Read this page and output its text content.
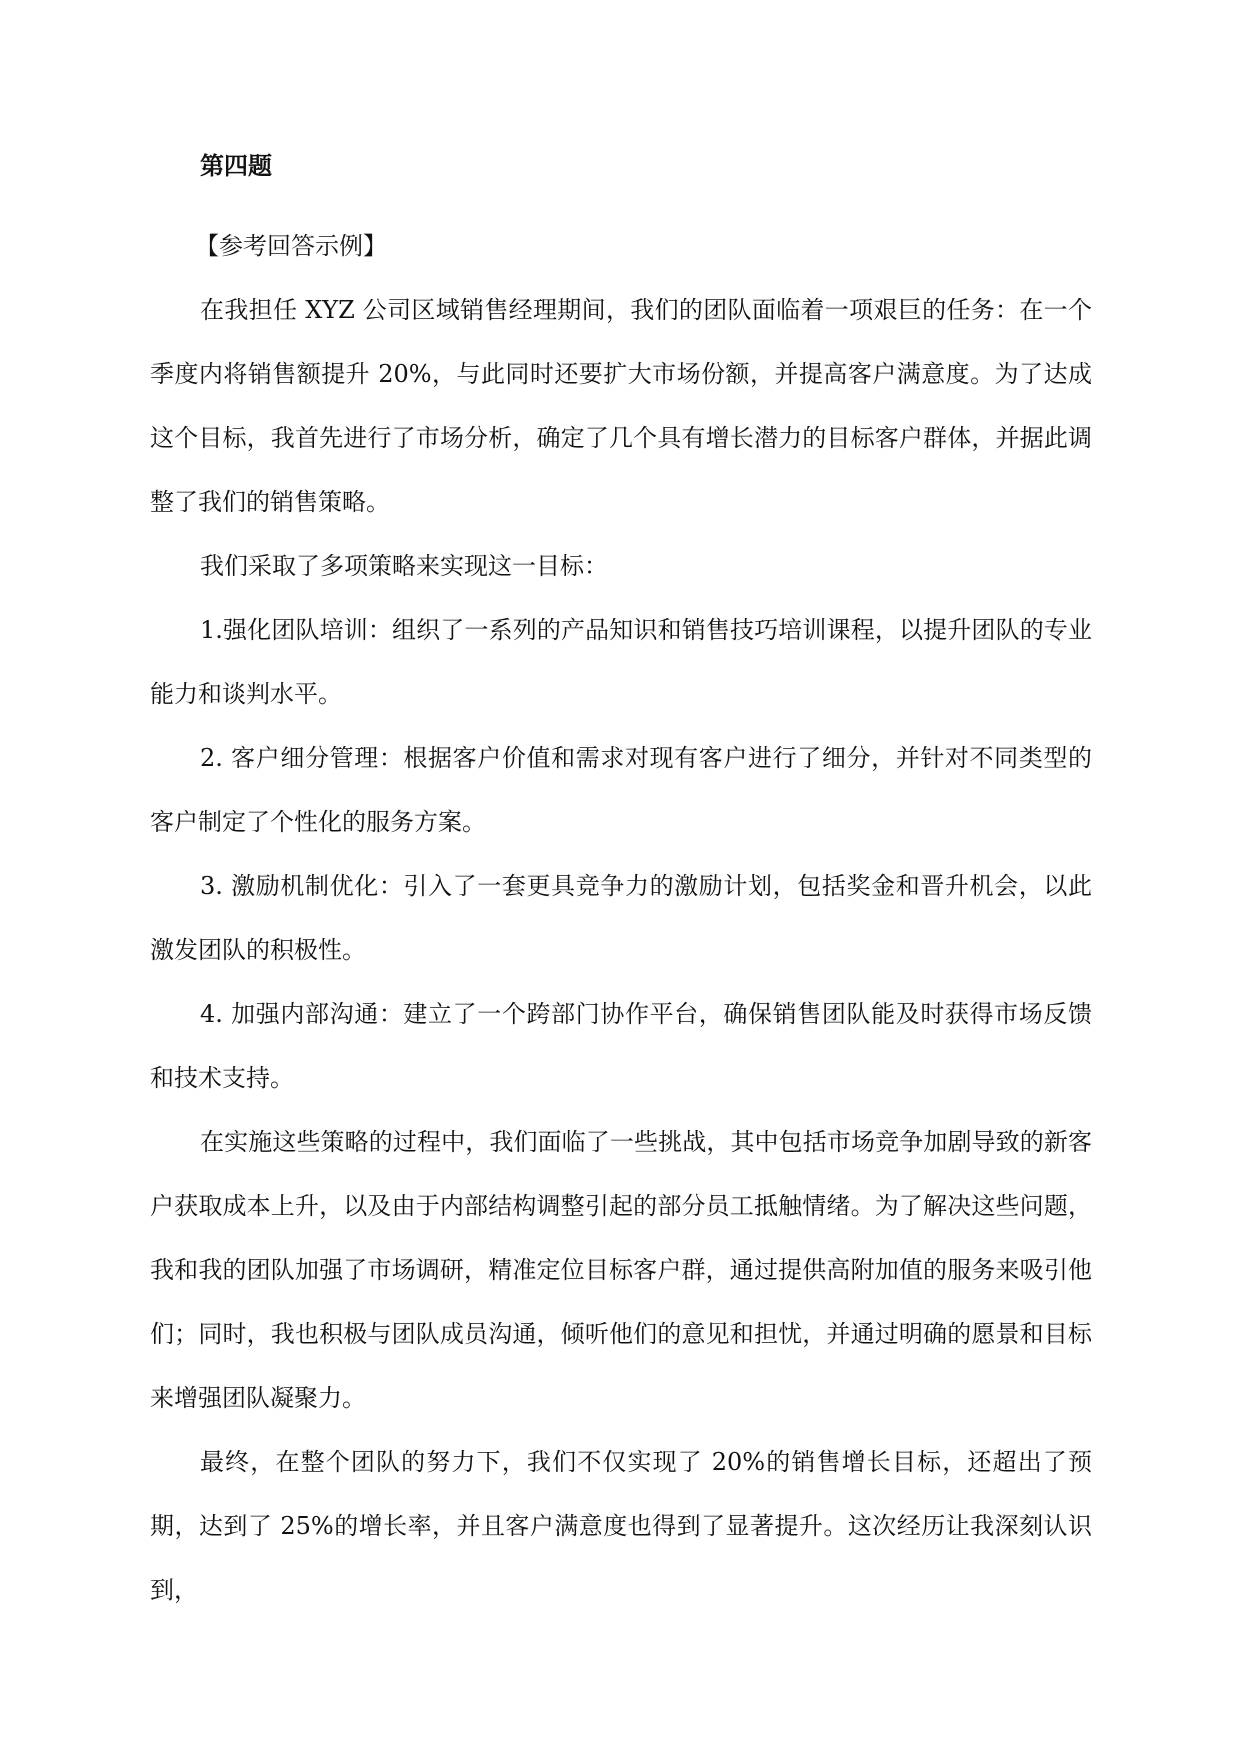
第四题

【参考回答示例】

在我担任 XYZ 公司区域销售经理期间，我们的团队面临着一项艰巨的任务：在一个季度内将销售额提升 20%，与此同时还要扩大市场份额，并提高客户满意度。为了达成这个目标，我首先进行了市场分析，确定了几个具有增长潜力的目标客户群体，并据此调整了我们的销售策略。

我们采取了多项策略来实现这一目标：

1.强化团队培训：组织了一系列的产品知识和销售技巧培训课程，以提升团队的专业能力和谈判水平。

2. 客户细分管理：根据客户价值和需求对现有客户进行了细分，并针对不同类型的客户制定了个性化的服务方案。

3. 激励机制优化：引入了一套更具竞争力的激励计划，包括奖金和晋升机会，以此激发团队的积极性。

4. 加强内部沟通：建立了一个跨部门协作平台，确保销售团队能及时获得市场反馈和技术支持。

在实施这些策略的过程中，我们面临了一些挑战，其中包括市场竞争加剧导致的新客户获取成本上升，以及由于内部结构调整引起的部分员工抵触情绪。为了解决这些问题，我和我的团队加强了市场调研，精准定位目标客户群，通过提供高附加值的服务来吸引他们；同时，我也积极与团队成员沟通，倾听他们的意见和担忧，并通过明确的愿景和目标来增强团队凝聚力。

最终，在整个团队的努力下，我们不仅实现了 20%的销售增长目标，还超出了预期，达到了 25%的增长率，并且客户满意度也得到了显著提升。这次经历让我深刻认识到，
